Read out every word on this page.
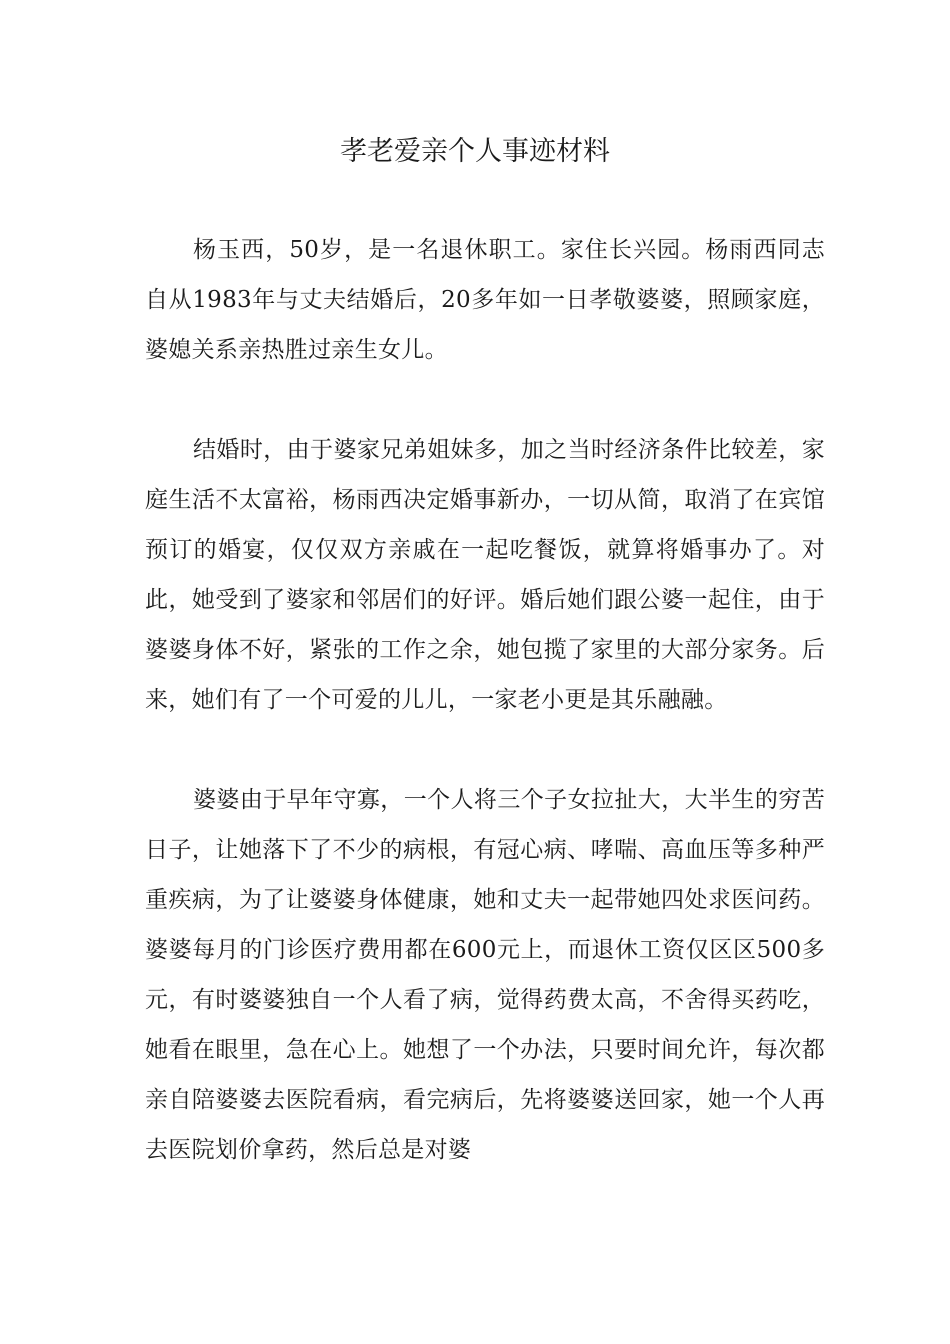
孝老爱亲个人事迹材料

杨玉西，50岁，是一名退休职工。家住长兴园。杨雨西同志自从1983年与丈夫结婚后，20多年如一日孝敬婆婆，照顾家庭，婆媳关系亲热胜过亲生女儿。

结婚时，由于婆家兄弟姐妹多，加之当时经济条件比较差，家庭生活不太富裕，杨雨西决定婚事新办，一切从简，取消了在宾馆预订的婚宴，仅仅双方亲戚在一起吃餐饭，就算将婚事办了。对此，她受到了婆家和邻居们的好评。婚后她们跟公婆一起住，由于婆婆身体不好，紧张的工作之余，她包揽了家里的大部分家务。后来，她们有了一个可爱的儿儿，一家老小更是其乐融融。

婆婆由于早年守寡，一个人将三个子女拉扯大，大半生的穷苦日子，让她落下了不少的病根，有冠心病、哮喘、高血压等多种严重疾病，为了让婆婆身体健康，她和丈夫一起带她四处求医问药。婆婆每月的门诊医疗费用都在600元上，而退休工资仅区区500多元，有时婆婆独自一个人看了病，觉得药费太高，不舍得买药吃，她看在眼里，急在心上。她想了一个办法，只要时间允许，每次都亲自陪婆婆去医院看病，看完病后，先将婆婆送回家，她一个人再去医院划价拿药，然后总是对婆
